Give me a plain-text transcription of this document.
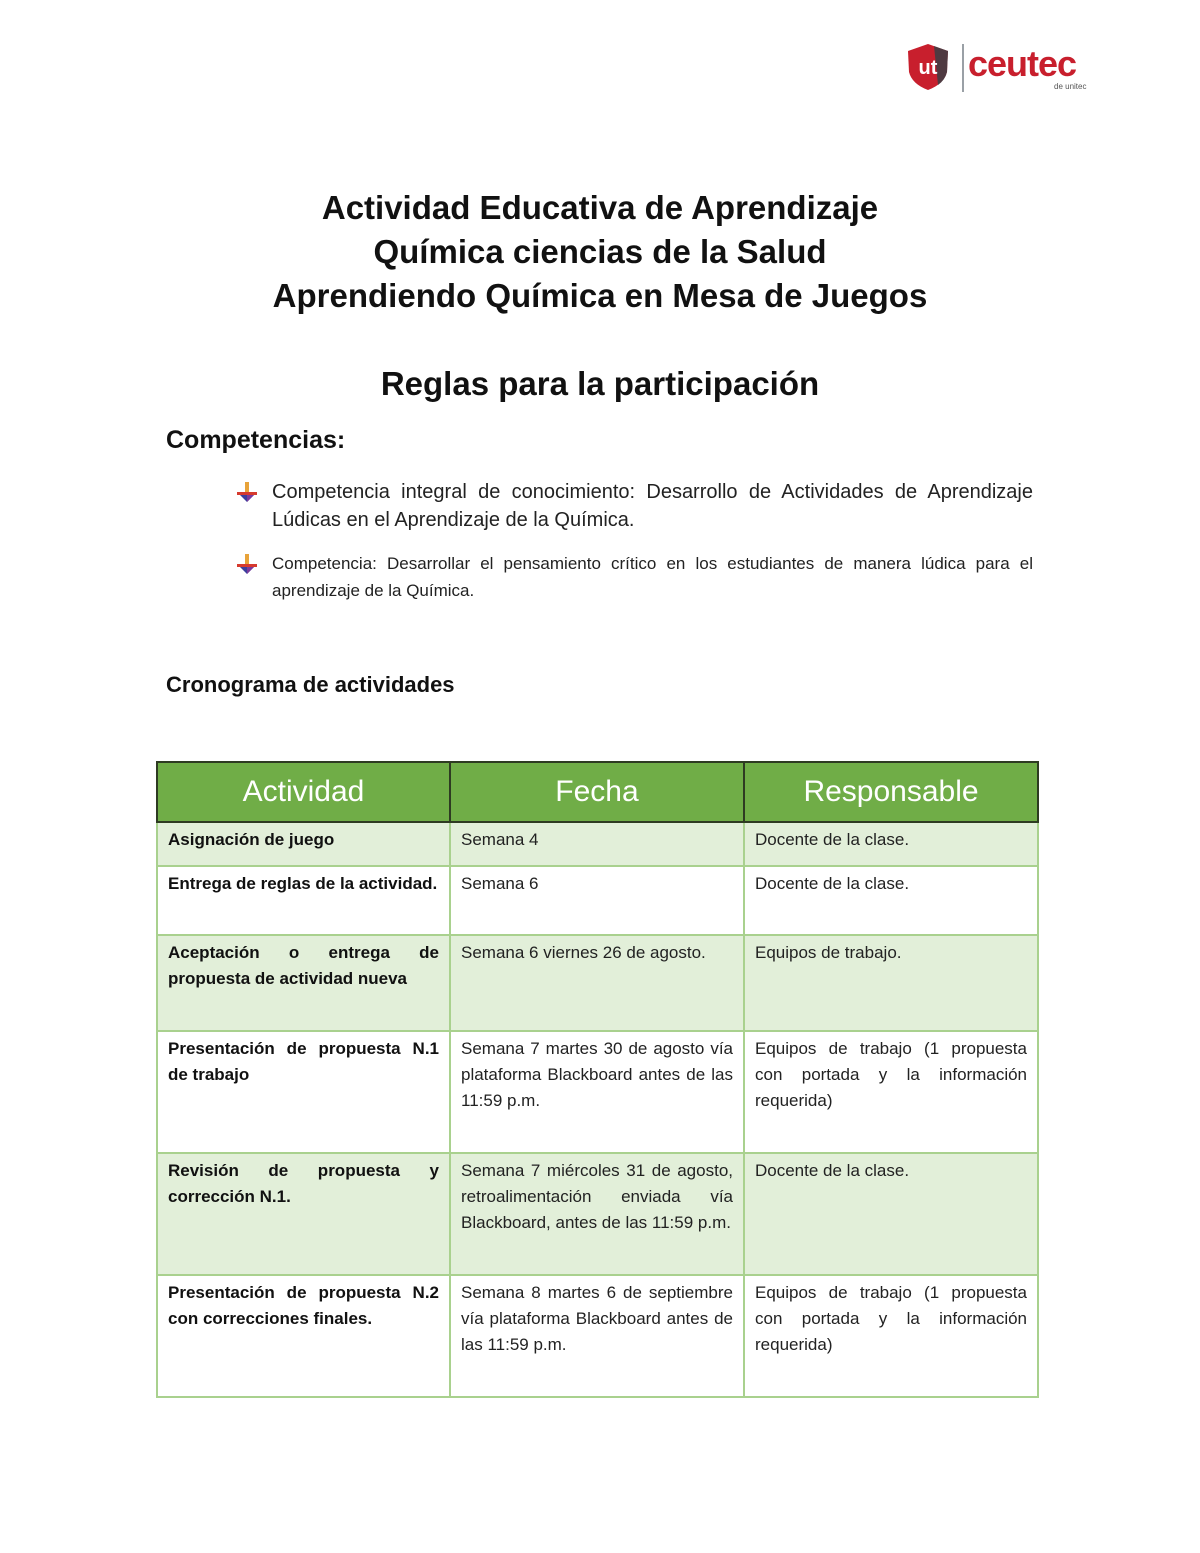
ut ceutec
de unitec
Actividad Educativa de Aprendizaje
Química ciencias de la Salud
Aprendiendo Química en Mesa de Juegos
Reglas para la participación
Competencias:
Competencia integral de conocimiento: Desarrollo de Actividades de Aprendizaje Lúdicas en el Aprendizaje de la Química.
Competencia: Desarrollar el pensamiento crítico en los estudiantes de manera lúdica para el aprendizaje de la Química.
Cronograma de actividades
Actividad	Fecha	Responsable
Asignación de juego	Semana 4	Docente de la clase.
Entrega de reglas de la actividad.	Semana 6	Docente de la clase.
Aceptación o entrega de propuesta de actividad nueva	Semana 6 viernes 26 de agosto.	Equipos de trabajo.
Presentación de propuesta N.1 de trabajo	Semana 7 martes 30 de agosto vía plataforma Blackboard antes de las 11:59 p.m.	Equipos de trabajo (1 propuesta con portada y la información requerida)
Revisión de propuesta y corrección N.1.	Semana 7 miércoles 31 de agosto, retroalimentación enviada vía Blackboard, antes de las 11:59 p.m.	Docente de la clase.
Presentación de propuesta N.2 con correcciones finales.	Semana 8 martes 6 de septiembre vía plataforma Blackboard antes de las 11:59 p.m.	Equipos de trabajo (1 propuesta con portada y la información requerida)
